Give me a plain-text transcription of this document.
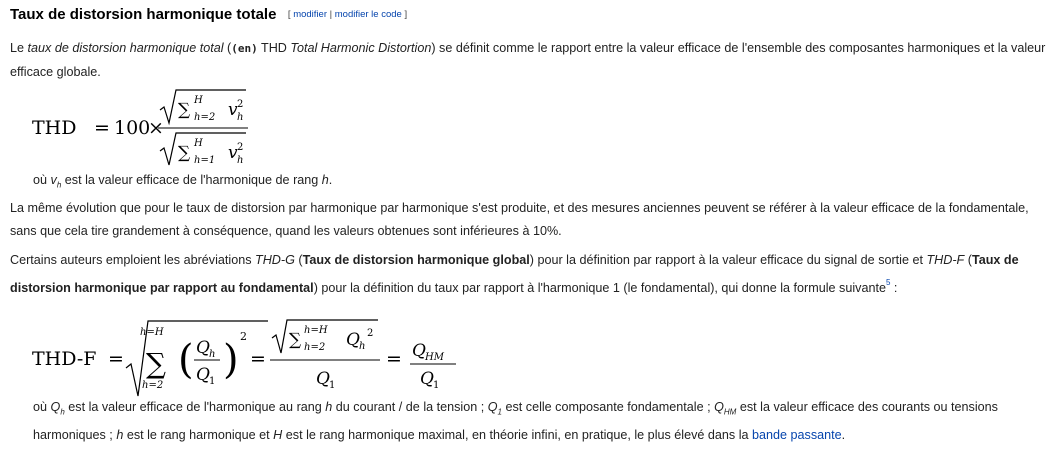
Taux de distorsion harmonique totale [ modifier | modifier le code ]
Le taux de distorsion harmonique total ((en) THD Total Harmonic Distortion) se définit comme le rapport entre la valeur efficace de l'ensemble des composantes harmoniques et la valeur efficace globale.
THD = 100
×
∑ H
h=2 v 2
h
∑ H
h=1 v 2
h
où $v_h$ est la valeur efficace de l'harmonique de rang h.
La même évolution que pour le taux de distorsion par harmonique par harmonique s'est produite, et des mesures anciennes peuvent se référer à la valeur efficace de la fondamentale, sans que cela tire grandement à conséquence, quand les valeurs obtenues sont inférieures à 10%.
Certains auteurs emploient les abréviations THD-G (Taux de distorsion harmonique global) pour la définition par rapport à la valeur efficace du signal de sortie et THD-F (Taux de distorsion harmonique par rapport au fondamental) pour la définition du taux par rapport à l'harmonique 1 (le fondamental), qui donne la formule suivante$^5$ :
THD-F =
h=H
∑
h=2
( Q h
Q 1 )
2
=
∑ h=H
h=2 Q h
2
Q 1
= Q HM
Q 1
où $Q_h$ est la valeur efficace de l'harmonique au rang h du courant / de la tension ; $Q_1$ est celle composante fondamentale ; $Q_{HM}$ est la valeur efficace des courants ou tensions harmoniques ; h est le rang harmonique et H est le rang harmonique maximal, en théorie infini, en pratique, le plus élevé dans la bande passante.
